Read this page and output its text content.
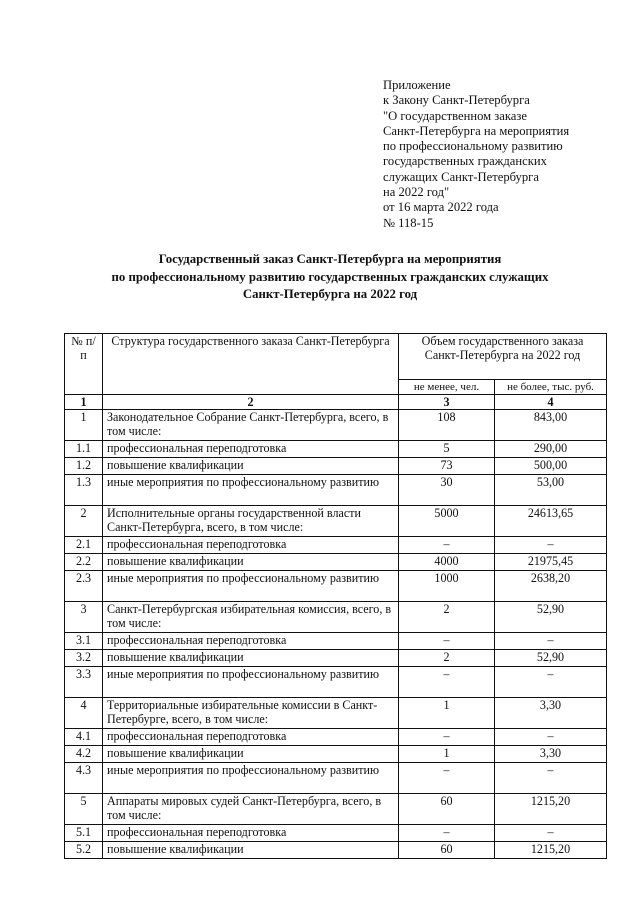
Приложение
к Закону Санкт-Петербурга
"О государственном заказе
Санкт-Петербурга на мероприятия
по профессиональному развитию
государственных гражданских
служащих Санкт-Петербурга
на 2022 год"
от 16 марта 2022 года
№ 118-15
Государственный заказ Санкт-Петербурга на мероприятия
по профессиональному развитию государственных гражданских служащих
Санкт-Петербурга на 2022 год
№ п/п	Структура государственного заказа Санкт-Петербурга	Объем государственного заказа Санкт-Петербурга на 2022 год	
		не менее, чел.	не более, тыс. руб.
1	2	3	4
1	Законодательное Собрание Санкт-Петербурга, всего, в том числе:	108	843,00
1.1	профессиональная переподготовка	5	290,00
1.2	повышение квалификации	73	500,00
1.3	иные мероприятия по профессиональному развитию	30	53,00
2	Исполнительные органы государственной власти Санкт-Петербурга, всего, в том числе:	5000	24613,65
2.1	профессиональная переподготовка	–	–
2.2	повышение квалификации	4000	21975,45
2.3	иные мероприятия по профессиональному развитию	1000	2638,20
3	Санкт-Петербургская избирательная комиссия, всего, в том числе:	2	52,90
3.1	профессиональная переподготовка	–	–
3.2	повышение квалификации	2	52,90
3.3	иные мероприятия по профессиональному развитию	–	–
4	Территориальные избирательные комиссии в Санкт-Петербурге, всего, в том числе:	1	3,30
4.1	профессиональная переподготовка	–	–
4.2	повышение квалификации	1	3,30
4.3	иные мероприятия по профессиональному развитию	–	–
5	Аппараты мировых судей Санкт-Петербурга, всего, в том числе:	60	1215,20
5.1	профессиональная переподготовка	–	–
5.2	повышение квалификации	60	1215,20
